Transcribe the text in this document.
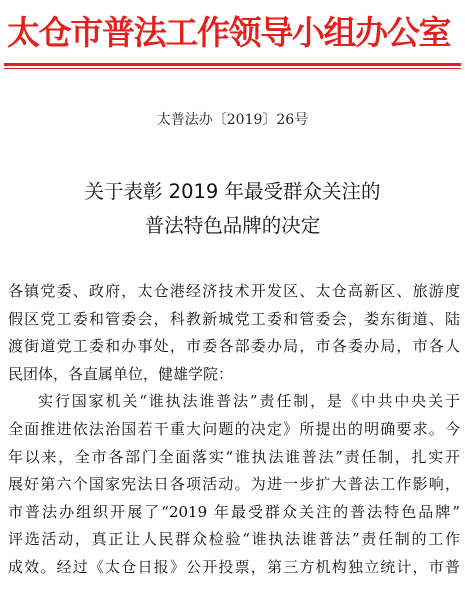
太仓市普法工作领导小组办公室
太普法办〔2019〕26号
关于表彰 2019 年最受群众关注的
普法特色品牌的决定
各镇党委、政府，太仓港经济技术开发区、太仓高新区、旅游度
假区党工委和管委会，科教新城党工委和管委会，娄东街道、陆
渡街道党工委和办事处，市委各部委办局，市各委办局，市各人
民团体，各直属单位，健雄学院：
实行国家机关“谁执法谁普法”责任制，是《中共中央关于
全面推进依法治国若干重大问题的决定》所提出的明确要求。今
年以来，全市各部门全面落实“谁执法谁普法”责任制，扎实开
展好第六个国家宪法日各项活动。为进一步扩大普法工作影响，
市普法办组织开展了“2019 年最受群众关注的普法特色品牌”
评选活动，真正让人民群众检验“谁执法谁普法”责任制的工作
成效。经过《太仓日报》公开投票，第三方机构独立统计，市普
